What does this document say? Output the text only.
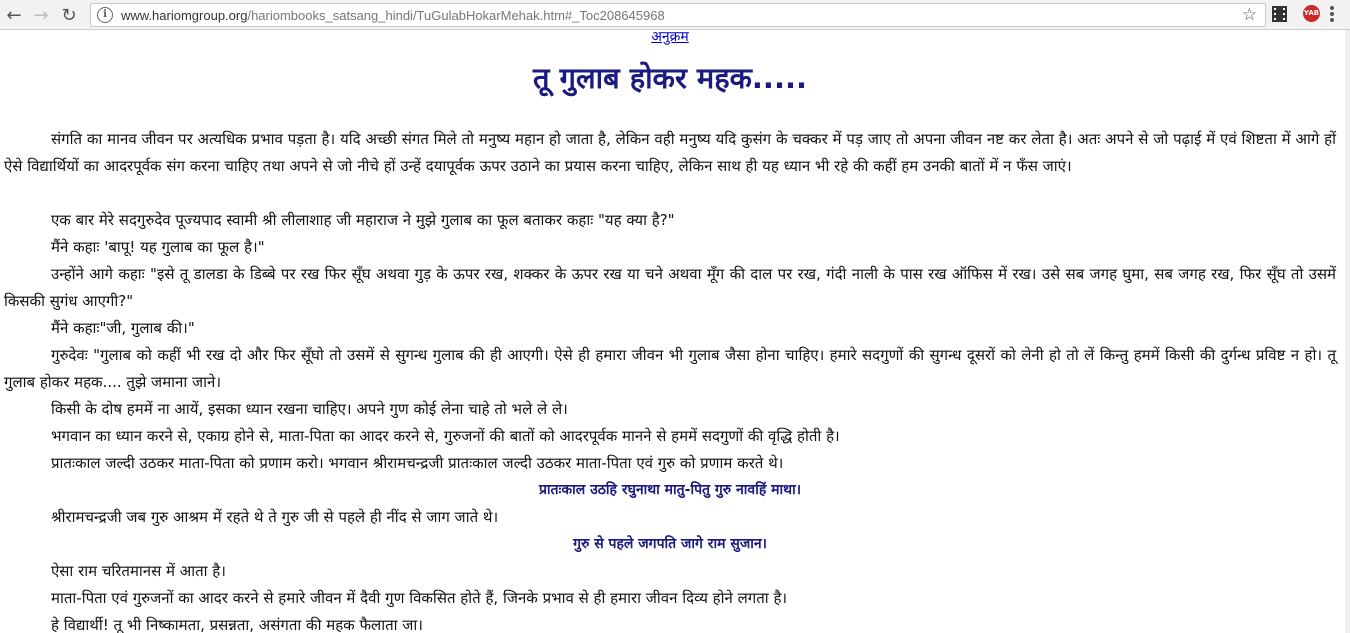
← → ↻	i	www.hariomgroup.org/hariombooks_satsang_hindi/TuGulabHokarMehak.htm#_Toc208645968	☆	YAB
अनुक्रम
तू गुलाब होकर महक.....

संगति का मानव जीवन पर अत्यधिक प्रभाव पड़ता है। यदि अच्छी संगत मिले तो मनुष्य महान हो जाता है, लेकिन वही मनुष्य यदि कुसंग के चक्कर में पड़ जाए तो अपना जीवन नष्ट कर लेता है। अतः अपने से जो पढ़ाई में एवं शिष्टता में आगे हों ऐसे विद्यार्थियों का आदरपूर्वक संग करना चाहिए तथा अपने से जो नीचे हों उन्हें दयापूर्वक ऊपर उठाने का प्रयास करना चाहिए, लेकिन साथ ही यह ध्यान भी रहे की कहीं हम उनकी बातों में न फँस जाएं।

एक बार मेरे सदगुरुदेव पूज्यपाद स्वामी श्री लीलाशाह जी महाराज ने मुझे गुलाब का फूल बताकर कहाः "यह क्या है?"

मैंने कहाः 'बापू! यह गुलाब का फूल है।"

उन्होंने आगे कहाः "इसे तू डालडा के डिब्बे पर रख फिर सूँघ अथवा गुड़ के ऊपर रख, शक्कर के ऊपर रख या चने अथवा मूँग की दाल पर रख, गंदी नाली के पास रख ऑफिस में रख। उसे सब जगह घुमा, सब जगह रख, फिर सूँघ तो उसमें किसकी सुगंध आएगी?"

मैंने कहाः"जी, गुलाब की।"

गुरुदेवः "गुलाब को कहीं भी रख दो और फिर सूँघो तो उसमें से सुगन्ध गुलाब की ही आएगी। ऐसे ही हमारा जीवन भी गुलाब जैसा होना चाहिए। हमारे सदगुणों की सुगन्ध दूसरों को लेनी हो तो लें किन्तु हममें किसी की दुर्गन्ध प्रविष्ट न हो। तू गुलाब होकर महक.... तुझे जमाना जाने।

किसी के दोष हममें ना आयें, इसका ध्यान रखना चाहिए। अपने गुण कोई लेना चाहे तो भले ले ले।

भगवान का ध्यान करने से, एकाग्र होने से, माता-पिता का आदर करने से, गुरुजनों की बातों को आदरपूर्वक मानने से हममें सदगुणों की वृद्धि होती है।

प्रातःकाल जल्दी उठकर माता-पिता को प्रणाम करो। भगवान श्रीरामचन्द्रजी प्रातःकाल जल्दी उठकर माता-पिता एवं गुरु को प्रणाम करते थे।

प्रातःकाल उठहि रघुनाथा मातु-पितु गुरु नावहिं माथा।

श्रीरामचन्द्रजी जब गुरु आश्रम में रहते थे ते गुरु जी से पहले ही नींद से जाग जाते थे।

गुरु से पहले जगपति जागे राम सुजान।

ऐसा राम चरितमानस में आता है।

माता-पिता एवं गुरुजनों का आदर करने से हमारे जीवन में दैवी गुण विकसित होते हैं, जिनके प्रभाव से ही हमारा जीवन दिव्य होने लगता है।

हे विद्यार्थी! तू भी निष्कामता, प्रसन्नता, असंगता की महक फैलाता जा।
